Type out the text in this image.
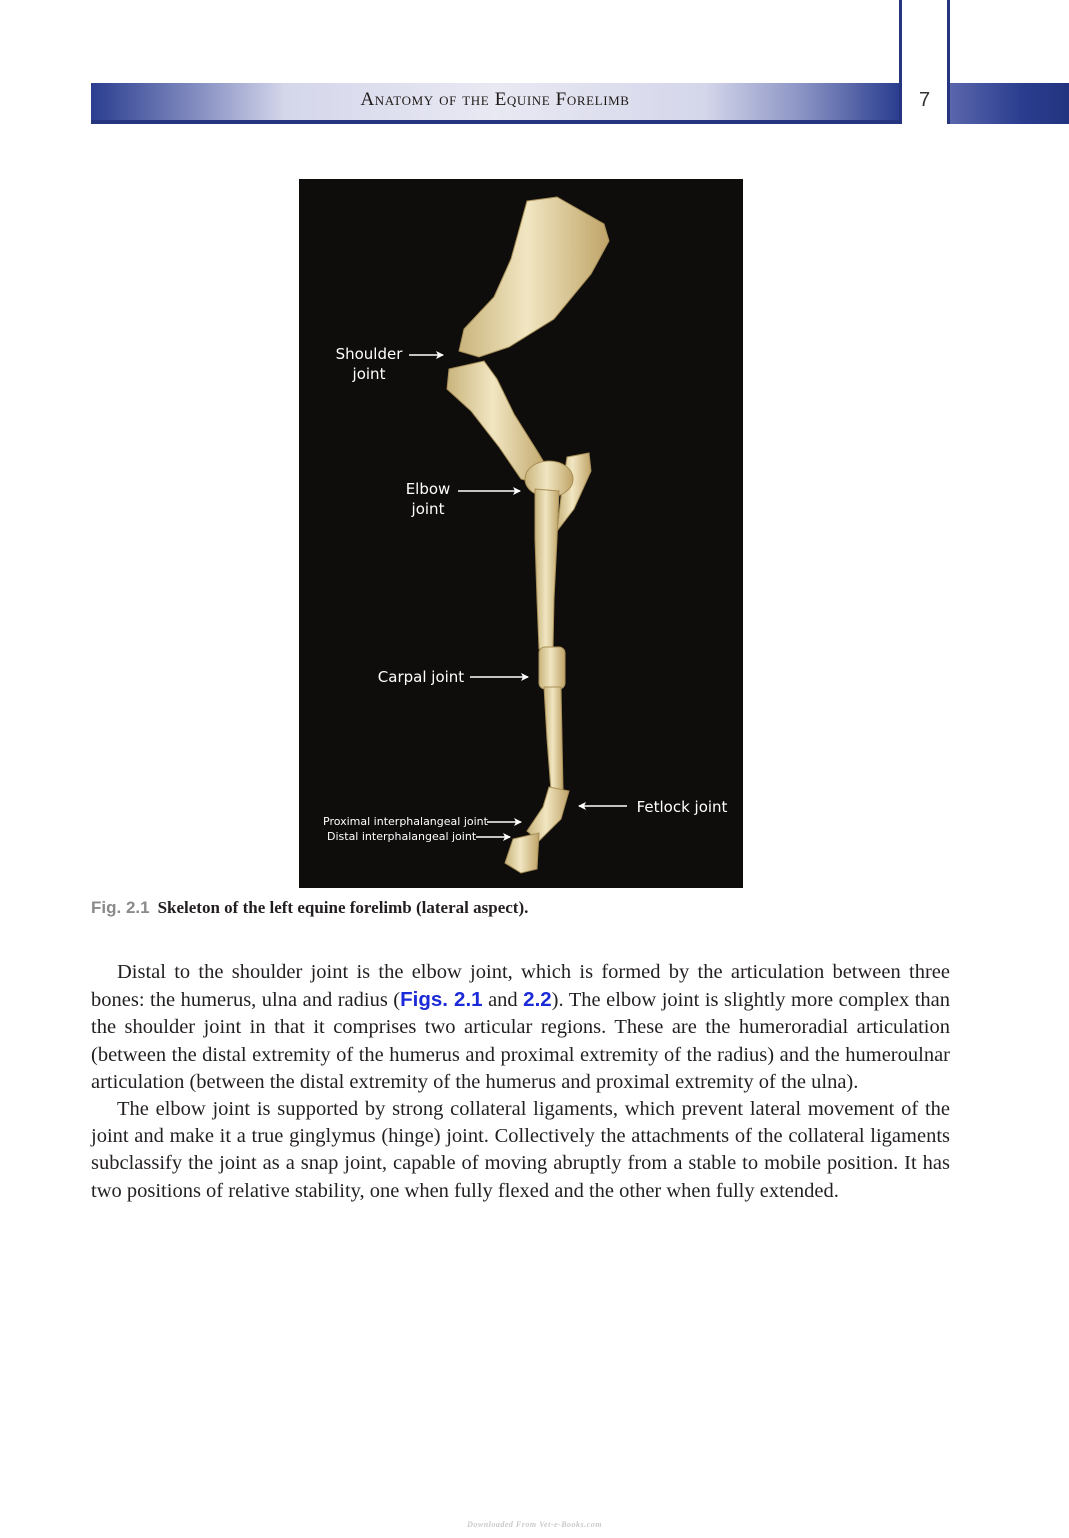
Anatomy of the Equine Forelimb	7
Shoulder
joint
Elbow
joint
Carpal joint
Fetlock joint
Proximal interphalangeal joint
Distal interphalangeal joint
Fig. 2.1 Skeleton of the left equine forelimb (lateral aspect).

Distal to the shoulder joint is the elbow joint, which is formed by the articulation between three bones: the humerus, ulna and radius (Figs. 2.1 and 2.2). The elbow joint is slightly more complex than the shoulder joint in that it comprises two articular regions. These are the humeroradial articulation (between the distal extremity of the humerus and proximal extremity of the radius) and the humeroulnar articulation (between the distal extremity of the humerus and proximal extremity of the ulna).

The elbow joint is supported by strong collateral ligaments, which prevent lateral movement of the joint and make it a true ginglymus (hinge) joint. Collectively the attachments of the collateral ligaments subclassify the joint as a snap joint, capable of moving abruptly from a stable to mobile position. It has two positions of relative stability, one when fully flexed and the other when fully extended.

Downloaded From Vet-e-Books.com
